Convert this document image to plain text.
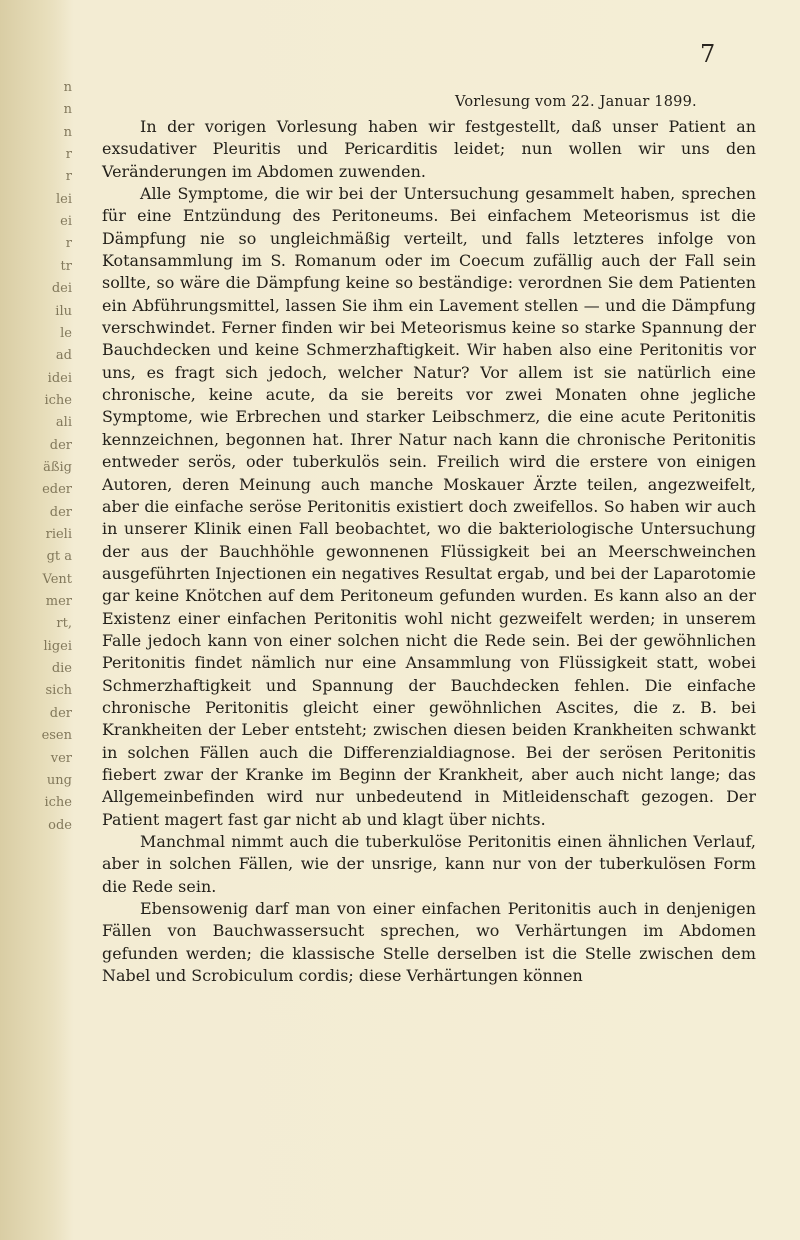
n
n
n
r
r
lei
ei
r
tr
dei
ilu
le
ad
idei
iche
ali
der
äßig
eder
der
rieli
gt a
Vent
mer
rt,
ligei
die
sich
der
esen
ver
ung
iche
ode
7
Vorlesung vom 22. Januar 1899.

In der vorigen Vorlesung haben wir festgestellt, daß unser Patient an exsudativer Pleuritis und Pericarditis leidet; nun wollen wir uns den Veränderungen im Abdomen zuwenden.

Alle Symptome, die wir bei der Untersuchung gesammelt haben, sprechen für eine Entzündung des Peritoneums. Bei einfachem Meteorismus ist die Dämpfung nie so ungleichmäßig verteilt, und falls letzteres infolge von Kotansammlung im S. Romanum oder im Coecum zufällig auch der Fall sein sollte, so wäre die Dämpfung keine so beständige: verordnen Sie dem Patienten ein Abführungsmittel, lassen Sie ihm ein Lavement stellen — und die Dämpfung verschwindet. Ferner finden wir bei Meteorismus keine so starke Spannung der Bauchdecken und keine Schmerzhaftigkeit. Wir haben also eine Peritonitis vor uns, es fragt sich jedoch, welcher Natur? Vor allem ist sie natürlich eine chronische, keine acute, da sie bereits vor zwei Monaten ohne jegliche Symptome, wie Erbrechen und starker Leibschmerz, die eine acute Peritonitis kennzeichnen, begonnen hat. Ihrer Natur nach kann die chronische Peritonitis entweder serös, oder tuberkulös sein. Freilich wird die erstere von einigen Autoren, deren Meinung auch manche Moskauer Ärzte teilen, angezweifelt, aber die einfache seröse Peritonitis existiert doch zweifellos. So haben wir auch in unserer Klinik einen Fall beobachtet, wo die bakteriologische Untersuchung der aus der Bauchhöhle gewonnenen Flüssigkeit bei an Meerschweinchen ausgeführten Injectionen ein negatives Resultat ergab, und bei der Laparotomie gar keine Knötchen auf dem Peritoneum gefunden wurden. Es kann also an der Existenz einer einfachen Peritonitis wohl nicht gezweifelt werden; in unserem Falle jedoch kann von einer solchen nicht die Rede sein. Bei der gewöhnlichen Peritonitis findet nämlich nur eine Ansammlung von Flüssigkeit statt, wobei Schmerzhaftigkeit und Spannung der Bauchdecken fehlen. Die einfache chronische Peritonitis gleicht einer gewöhnlichen Ascites, die z. B. bei Krankheiten der Leber entsteht; zwischen diesen beiden Krankheiten schwankt in solchen Fällen auch die Differenzialdiagnose. Bei der serösen Peritonitis fiebert zwar der Kranke im Beginn der Krankheit, aber auch nicht lange; das Allgemeinbefinden wird nur unbedeutend in Mitleidenschaft gezogen. Der Patient magert fast gar nicht ab und klagt über nichts.

Manchmal nimmt auch die tuberkulöse Peritonitis einen ähnlichen Verlauf, aber in solchen Fällen, wie der unsrige, kann nur von der tuberkulösen Form die Rede sein.

Ebensowenig darf man von einer einfachen Peritonitis auch in denjenigen Fällen von Bauchwassersucht sprechen, wo Verhärtungen im Abdomen gefunden werden; die klassische Stelle derselben ist die Stelle zwischen dem Nabel und Scrobiculum cordis; diese Verhärtungen können
